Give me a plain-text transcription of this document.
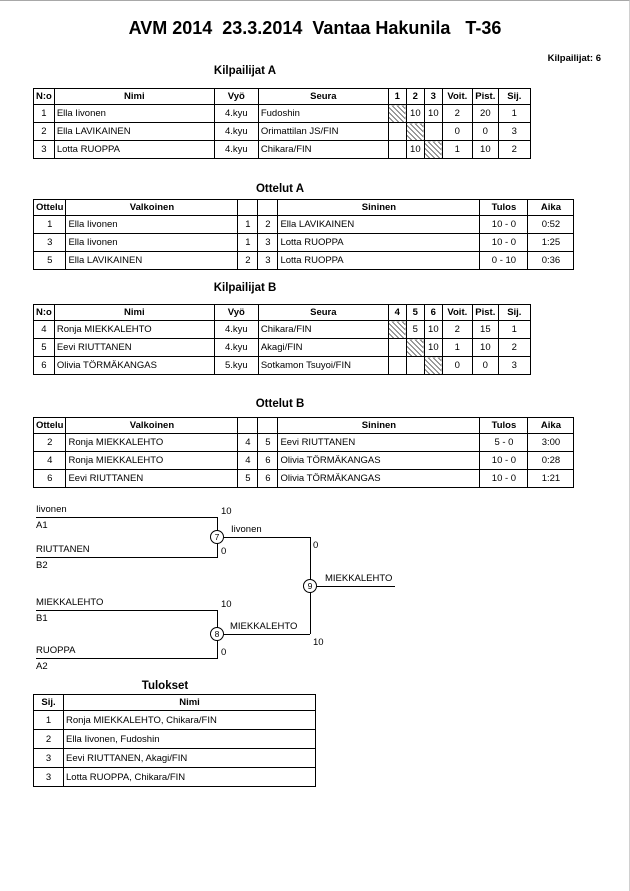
AVM 2014  23.3.2014  Vantaa Hakunila   T-36
Kilpailijat: 6
Kilpailijat A
N:o	Nimi	Vyö	Seura	1	2	3	Voit.	Pist.	Sij.
1	Ella Iivonen	4.kyu	Fudoshin		10	10	2	20	1
2	Ella LAVIKAINEN	4.kyu	Orimattilan JS/FIN				0	0	3
3	Lotta RUOPPA	4.kyu	Chikara/FIN		10		1	10	2
Ottelut A
Ottelu	Valkoinen			Sininen	Tulos	Aika
1	Ella Iivonen	1	2	Ella LAVIKAINEN	10 - 0	0:52
3	Ella Iivonen	1	3	Lotta RUOPPA	10 - 0	1:25
5	Ella LAVIKAINEN	2	3	Lotta RUOPPA	0 - 10	0:36
Kilpailijat B
N:o	Nimi	Vyö	Seura	4	5	6	Voit.	Pist.	Sij.
4	Ronja MIEKKALEHTO	4.kyu	Chikara/FIN		5	10	2	15	1
5	Eevi RIUTTANEN	4.kyu	Akagi/FIN			10	1	10	2
6	Olivia TÖRMÄKANGAS	5.kyu	Sotkamon Tsuyoi/FIN				0	0	3
Ottelut B
Ottelu	Valkoinen			Sininen	Tulos	Aika
2	Ronja MIEKKALEHTO	4	5	Eevi RIUTTANEN	5 - 0	3:00
4	Ronja MIEKKALEHTO	4	6	Olivia TÖRMÄKANGAS	10 - 0	0:28
6	Eevi RIUTTANEN	5	6	Olivia TÖRMÄKANGAS	10 - 0	1:21
Iivonen
A1
10
RIUTTANEN
B2
0
Iivonen
7
MIEKKALEHTO
B1
10
RUOPPA
A2
0
MIEKKALEHTO
8
0
10
MIEKKALEHTO
9
Tulokset
Sij.	Nimi
1	Ronja MIEKKALEHTO, Chikara/FIN
2	Ella Iivonen, Fudoshin
3	Eevi RIUTTANEN, Akagi/FIN
3	Lotta RUOPPA, Chikara/FIN
